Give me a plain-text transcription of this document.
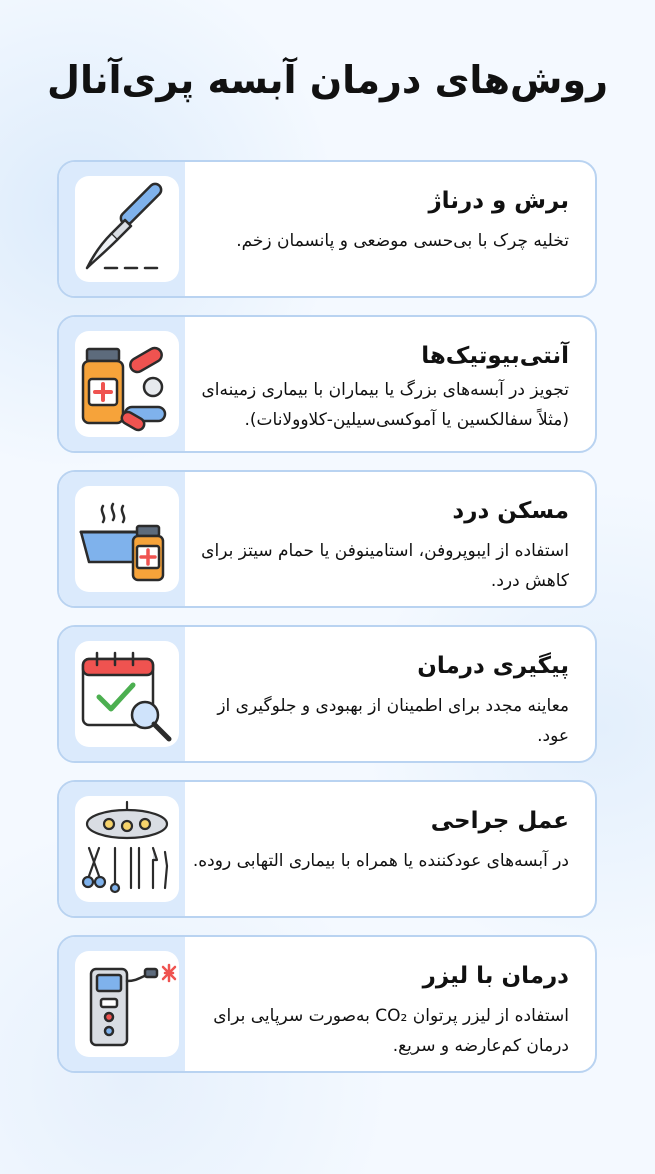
روش‌های درمان آبسه پری‌آنال
برش و درناژ
تخلیه چرک با بی‌حسی موضعی و پانسمان زخم.
آنتی‌بیوتیک‌ها
تجویز در آبسه‌های بزرگ یا بیماران با بیماری زمینه‌ای (مثلاً سفالکسین یا آموکسی‌سیلین-کلاوولانات).
مسکن درد
استفاده از ایبوپروفن، استامینوفن یا حمام سیتز برای کاهش درد.
پیگیری درمان
معاینه مجدد برای اطمینان از بهبودی و جلوگیری از عود.
عمل جراحی
در آبسه‌های عودکننده یا همراه با بیماری التهابی روده.
درمان با لیزر
استفاده از لیزر پرتوان CO₂ به‌صورت سرپایی برای درمان کم‌عارضه و سریع.
